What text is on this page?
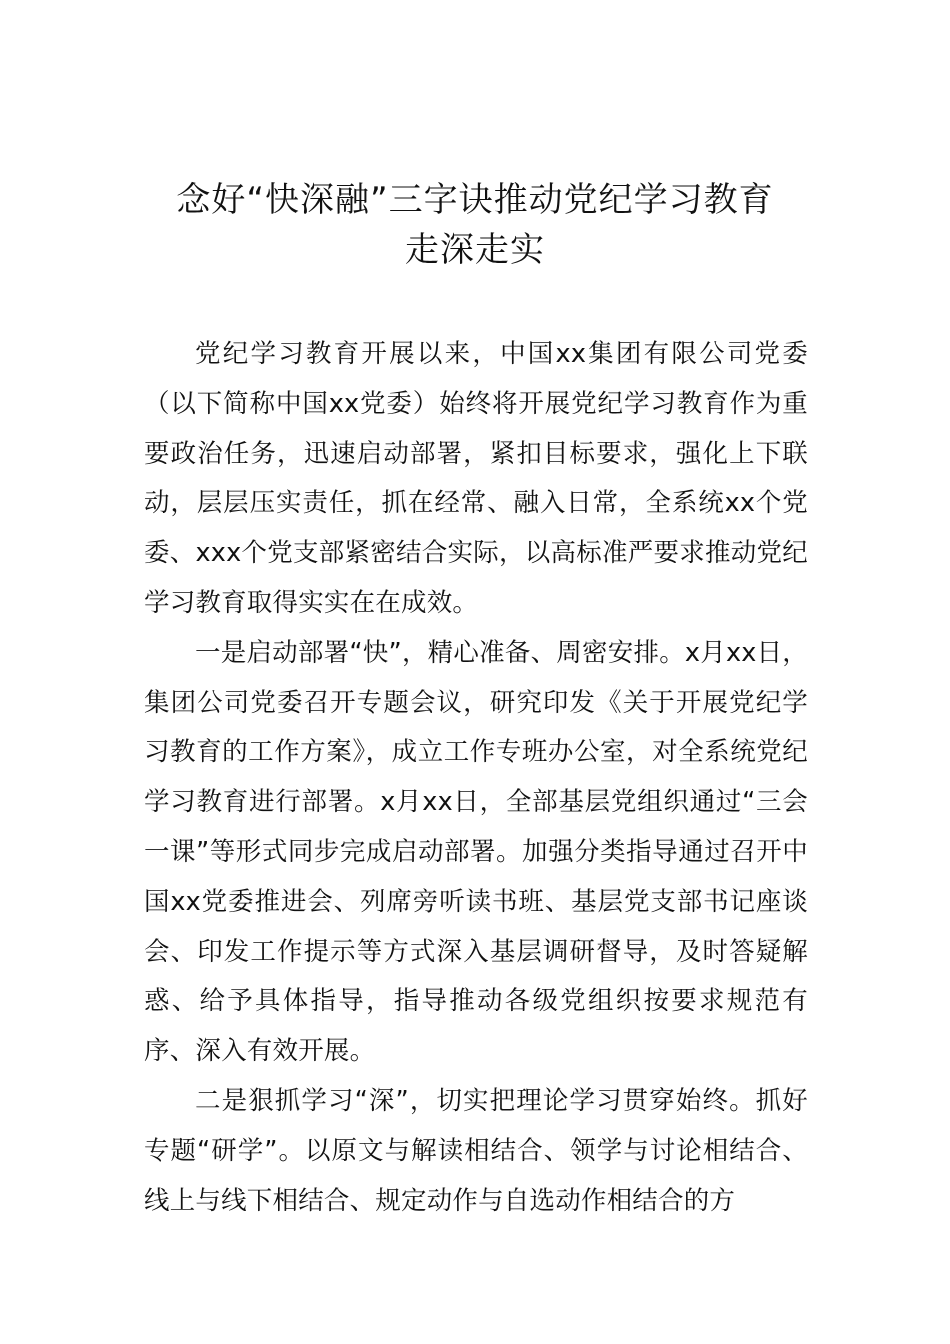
念好“快深融”三字诀推动党纪学习教育
走深走实

党纪学习教育开展以来，中国xx集团有限公司党委（以下简称中国xx党委）始终将开展党纪学习教育作为重要政治任务，迅速启动部署，紧扣目标要求，强化上下联动，层层压实责任，抓在经常、融入日常，全系统xx个党委、xxx个党支部紧密结合实际，以高标准严要求推动党纪学习教育取得实实在在成效。

一是启动部署“快”，精心准备、周密安排。x月xx日，集团公司党委召开专题会议，研究印发《关于开展党纪学习教育的工作方案》，成立工作专班办公室，对全系统党纪学习教育进行部署。x月xx日，全部基层党组织通过“三会一课”等形式同步完成启动部署。加强分类指导通过召开中国xx党委推进会、列席旁听读书班、基层党支部书记座谈会、印发工作提示等方式深入基层调研督导，及时答疑解惑、给予具体指导，指导推动各级党组织按要求规范有序、深入有效开展。

二是狠抓学习“深”，切实把理论学习贯穿始终。抓好专题“研学”。以原文与解读相结合、领学与讨论相结合、线上与线下相结合、规定动作与自选动作相结合的方
